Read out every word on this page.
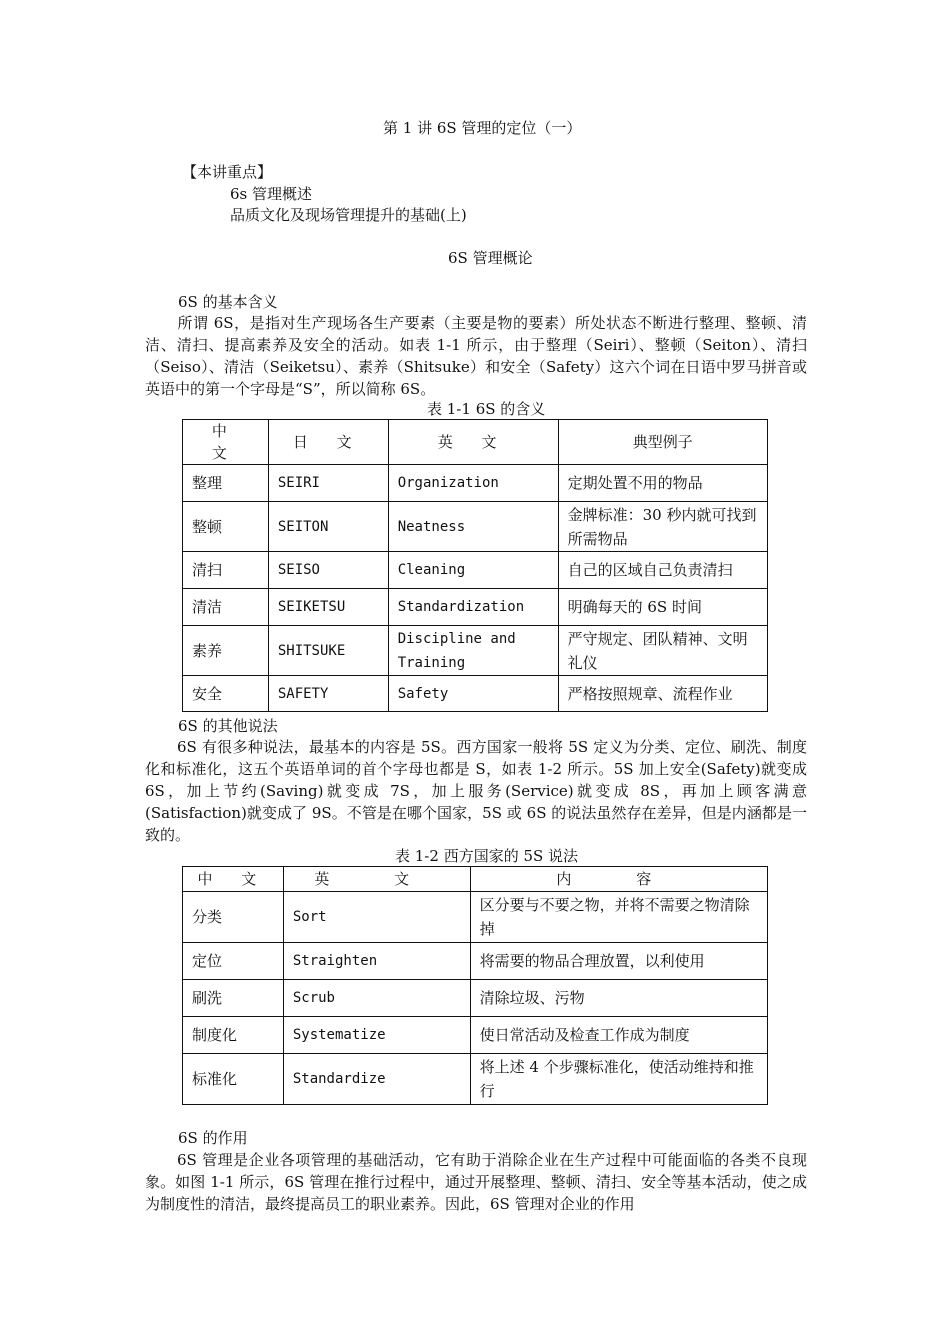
第 1 讲 6S 管理的定位（一）
【本讲重点】
6s 管理概述
品质文化及现场管理提升的基础(上)
6S 管理概论
6S 的基本含义
所谓 6S，是指对生产现场各生产要素（主要是物的要素）所处状态不断进行整理、整顿、清洁、清扫、提高素养及安全的活动。如表 1-1 所示，由于整理（Seiri）、整顿（Seiton）、清扫（Seiso）、清洁（Seiketsu）、素养（Shitsuke）和安全（Safety）这六个词在日语中罗马拼音或英语中的第一个字母是“S”，所以简称 6S。
表 1-1 6S 的含义
中 文	日 文	英 文	典型例子
整理	SEIRI	Organization	定期处置不用的物品
整顿	SEITON	Neatness	金牌标准：30 秒内就可找到所需物品
清扫	SEISO	Cleaning	自己的区域自己负责清扫
清洁	SEIKETSU	Standardization	明确每天的 6S 时间
素养	SHITSUKE	Discipline and Training	严守规定、团队精神、文明礼仪
安全	SAFETY	Safety	严格按照规章、流程作业
6S 的其他说法
6S 有很多种说法，最基本的内容是 5S。西方国家一般将 5S 定义为分类、定位、刷洗、制度化和标准化，这五个英语单词的首个字母也都是 S，如表 1-2 所示。5S 加上安全(Safety)就变成 6S，加上节约(Saving)就变成 7S，加上服务(Service)就变成 8S，再加上顾客满意(Satisfaction)就变成了 9S。不管是在哪个国家，5S 或 6S 的说法虽然存在差异，但是内涵都是一致的。
表 1-2 西方国家的 5S 说法
中 文	英 文	内 容
分类	Sort	区分要与不要之物，并将不需要之物清除掉
定位	Straighten	将需要的物品合理放置，以利使用
刷洗	Scrub	清除垃圾、污物
制度化	Systematize	使日常活动及检查工作成为制度
标准化	Standardize	将上述 4 个步骤标准化，使活动维持和推行
6S 的作用
6S 管理是企业各项管理的基础活动，它有助于消除企业在生产过程中可能面临的各类不良现象。如图 1-1 所示，6S 管理在推行过程中，通过开展整理、整顿、清扫、安全等基本活动，使之成为制度性的清洁，最终提高员工的职业素养。因此，6S 管理对企业的作用
